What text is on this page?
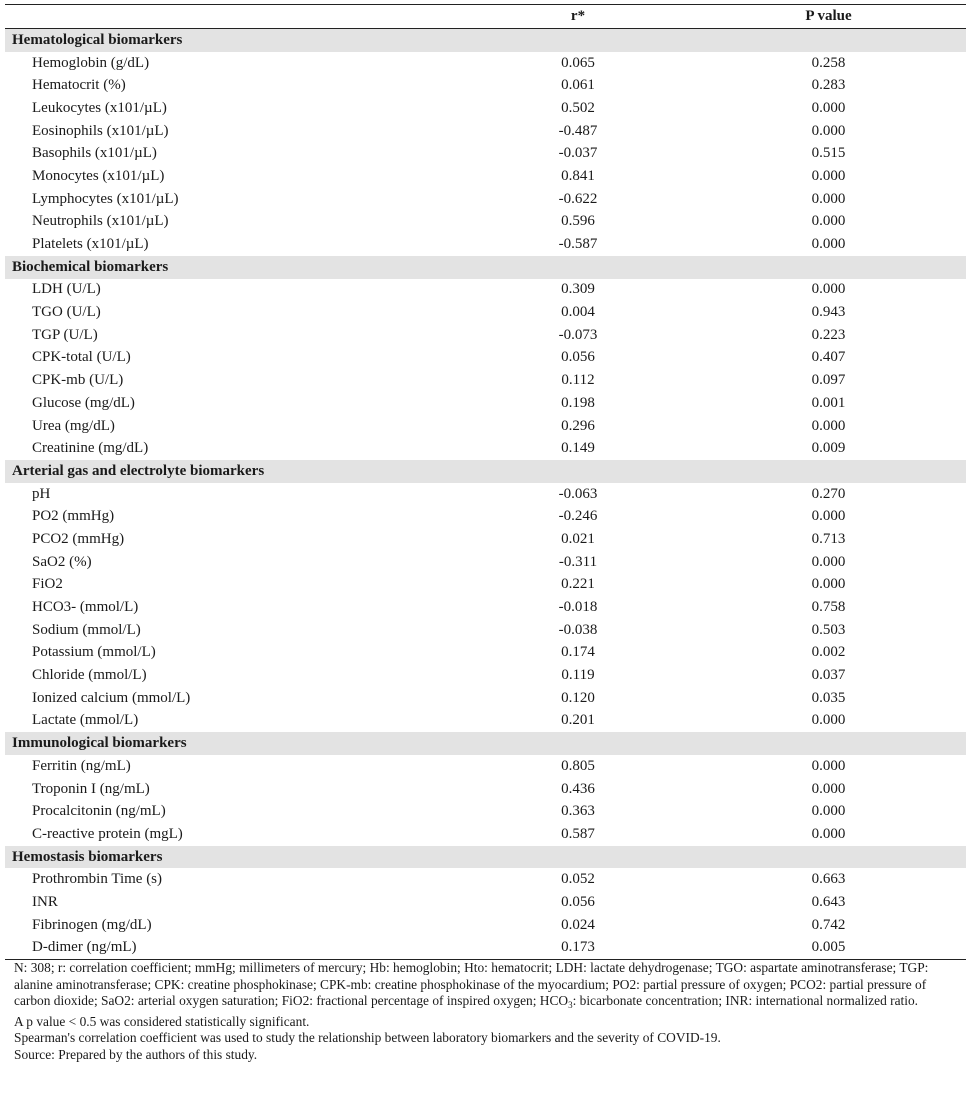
r*	P value
Hematological biomarkers
Hemoglobin (g/dL)	0.065	0.258
Hematocrit (%)	0.061	0.283
Leukocytes (x101/µL)	0.502	0.000
Eosinophils (x101/µL)	-0.487	0.000
Basophils (x101/µL)	-0.037	0.515
Monocytes (x101/µL)	0.841	0.000
Lymphocytes (x101/µL)	-0.622	0.000
Neutrophils (x101/µL)	0.596	0.000
Platelets (x101/µL)	-0.587	0.000
Biochemical biomarkers
LDH (U/L)	0.309	0.000
TGO (U/L)	0.004	0.943
TGP (U/L)	-0.073	0.223
CPK-total (U/L)	0.056	0.407
CPK-mb (U/L)	0.112	0.097
Glucose (mg/dL)	0.198	0.001
Urea (mg/dL)	0.296	0.000
Creatinine (mg/dL)	0.149	0.009
Arterial gas and electrolyte biomarkers
pH	-0.063	0.270
PO2 (mmHg)	-0.246	0.000
PCO2 (mmHg)	0.021	0.713
SaO2 (%)	-0.311	0.000
FiO2	0.221	0.000
HCO3- (mmol/L)	-0.018	0.758
Sodium (mmol/L)	-0.038	0.503
Potassium (mmol/L)	0.174	0.002
Chloride (mmol/L)	0.119	0.037
Ionized calcium (mmol/L)	0.120	0.035
Lactate (mmol/L)	0.201	0.000
Immunological biomarkers
Ferritin (ng/mL)	0.805	0.000
Troponin I (ng/mL)	0.436	0.000
Procalcitonin (ng/mL)	0.363	0.000
C-reactive protein (mgL)	0.587	0.000
Hemostasis biomarkers
Prothrombin Time (s)	0.052	0.663
INR	0.056	0.643
Fibrinogen (mg/dL)	0.024	0.742
D-dimer (ng/mL)	0.173	0.005

N: 308; r: correlation coefficient; mmHg; millimeters of mercury; Hb: hemoglobin; Hto: hematocrit; LDH: lactate dehydrogenase; TGO: aspartate aminotransferase; TGP: alanine aminotransferase; CPK: creatine phosphokinase; CPK-mb: creatine phosphokinase of the myocardium; PO2: partial pressure of oxygen; PCO2: partial pressure of carbon dioxide; SaO2: arterial oxygen saturation; FiO2: fractional percentage of inspired oxygen; $HCO_3$: bicarbonate concentration; INR: international normalized ratio.

A p value < 0.5 was considered statistically significant.

Spearman's correlation coefficient was used to study the relationship between laboratory biomarkers and the severity of COVID-19.

Source: Prepared by the authors of this study.
